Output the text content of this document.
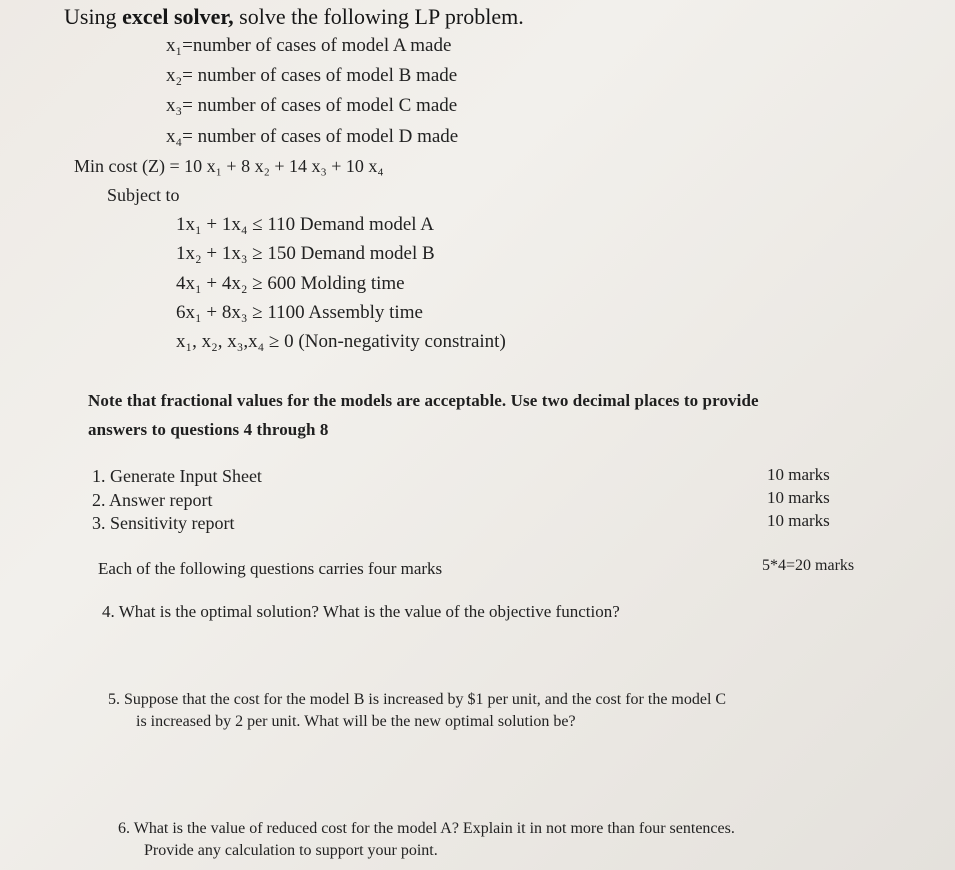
Using excel solver, solve the following LP problem.
x₁=number of cases of model A made
x₂= number of cases of model B made
x₃= number of cases of model C made
x₄= number of cases of model D made
Min cost (Z) = 10 x₁ + 8 x₂ + 14 x₃ + 10 x₄
Subject to
1x₁ + 1x₄ ≤ 110 Demand model A
1x₂ + 1x₃ ≥ 150 Demand model B
4x₁ + 4x₂ ≥ 600 Molding time
6x₁ + 8x₃ ≥ 1100 Assembly time
x₁, x₂, x₃,x₄ ≥ 0 (Non-negativity constraint)
Note that fractional values for the models are acceptable. Use two decimal places to provide
answers to questions 4 through 8
1. Generate Input Sheet	10 marks
2. Answer report	10 marks
3. Sensitivity report	10 marks
Each of the following questions carries four marks	5*4=20 marks
4. What is the optimal solution? What is the value of the objective function?
5. Suppose that the cost for the model B is increased by $1 per unit, and the cost for the model C
is increased by 2 per unit. What will be the new optimal solution be?
6. What is the value of reduced cost for the model A? Explain it in not more than four sentences.
Provide any calculation to support your point.
